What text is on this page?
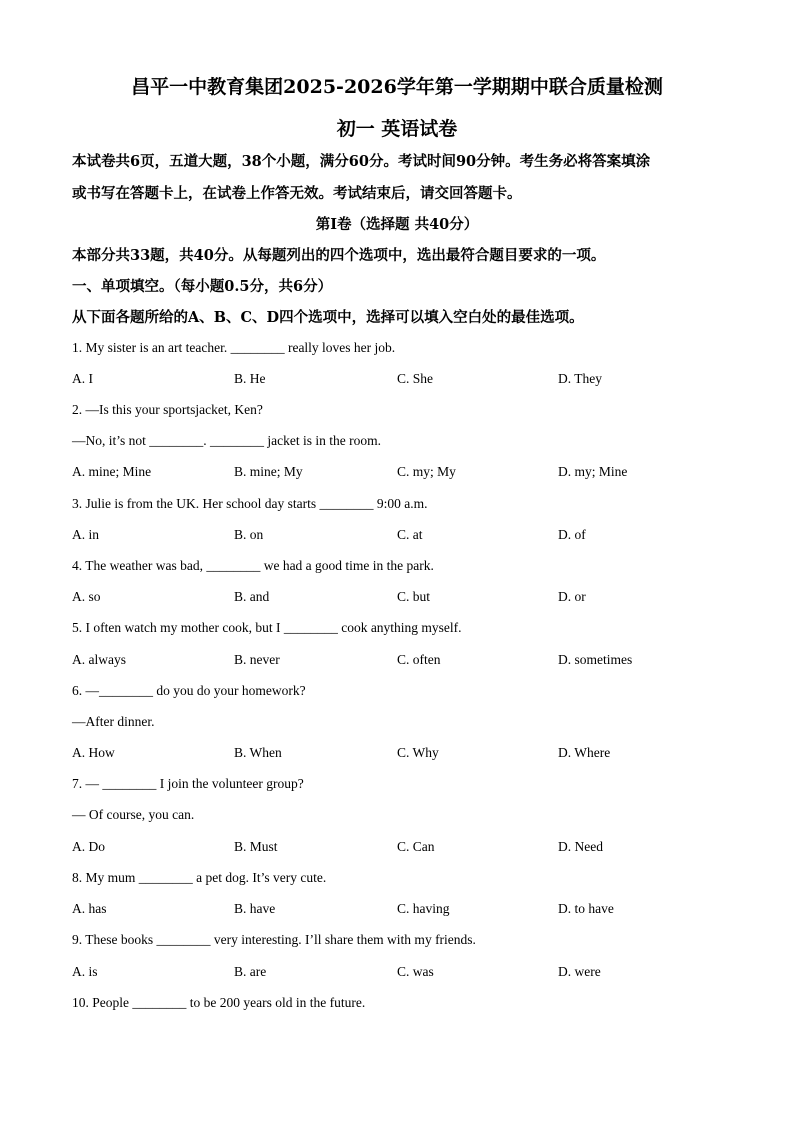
昌平一中教育集团2025-2026学年第一学期期中联合质量检测
初一 英语试卷
本试卷共6页，五道大题，38个小题，满分60分。考试时间90分钟。考生务必将答案填涂
或书写在答题卡上，在试卷上作答无效。考试结束后，请交回答题卡。
第I卷（选择题 共40分）
本部分共33题，共40分。从每题列出的四个选项中，选出最符合题目要求的一项。
一、单项填空。（每小题0.5分，共6分）
从下面各题所给的A、B、C、D四个选项中，选择可以填入空白处的最佳选项。
1. My sister is an art teacher. ________ really loves her job.
A. I	B. He	C. She	D. They
2. —Is this your sportsjacket, Ken?
—No, it’s not ________. ________ jacket is in the room.
A. mine; Mine	B. mine; My	C. my; My	D. my; Mine
3. Julie is from the UK. Her school day starts ________ 9:00 a.m.
A. in	B. on	C. at	D. of
4. The weather was bad, ________ we had a good time in the park.
A. so	B. and	C. but	D. or
5. I often watch my mother cook, but I ________ cook anything myself.
A. always	B. never	C. often	D. sometimes
6. —________ do you do your homework?
—After dinner.
A. How	B. When	C. Why	D. Where
7. — ________ I join the volunteer group?
— Of course, you can.
A. Do	B. Must	C. Can	D. Need
8. My mum ________ a pet dog. It’s very cute.
A. has	B. have	C. having	D. to have
9. These books ________ very interesting. I’ll share them with my friends.
A. is	B. are	C. was	D. were
10. People ________ to be 200 years old in the future.
